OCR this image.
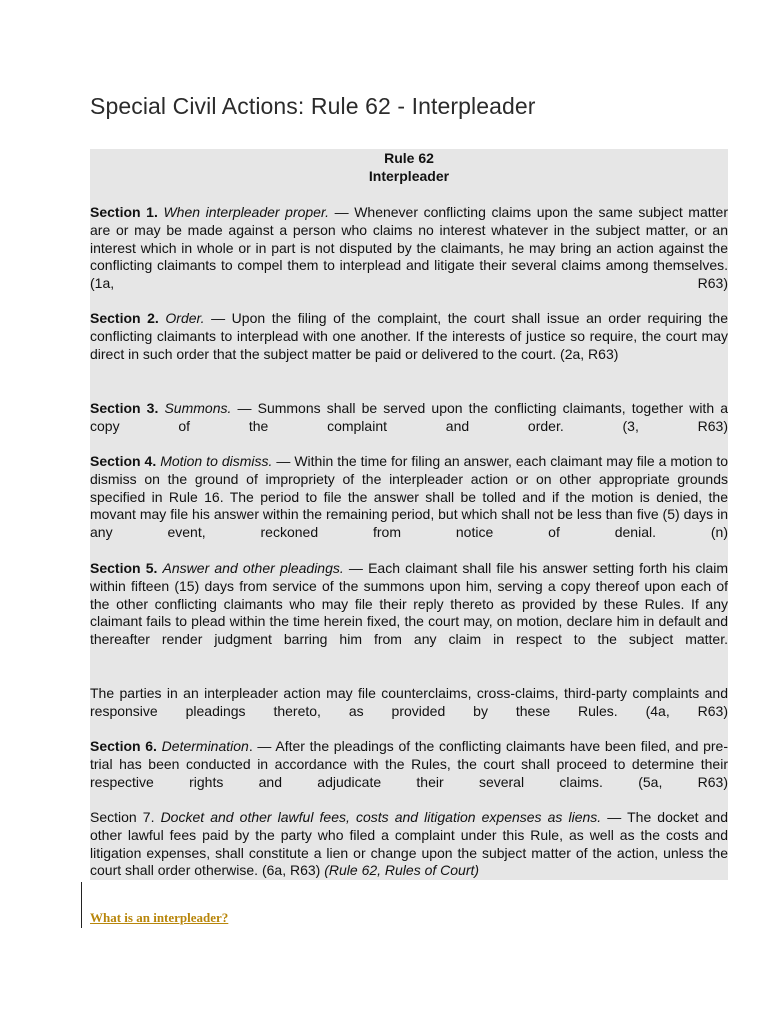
Special Civil Actions: Rule 62 - Interpleader

Rule 62

Interpleader

Section 1. When interpleader proper. — Whenever conflicting claims upon the same subject matter are or may be made against a person who claims no interest whatever in the subject matter, or an interest which in whole or in part is not disputed by the claimants, he may bring an action against the conflicting claimants to compel them to interplead and litigate their several claims among themselves. (1a, R63)

Section 2. Order. — Upon the filing of the complaint, the court shall issue an order requiring the conflicting claimants to interplead with one another. If the interests of justice so require, the court may direct in such order that the subject matter be paid or delivered to the court. (2a, R63)

Section 3. Summons. — Summons shall be served upon the conflicting claimants, together with a copy of the complaint and order. (3, R63)

Section 4. Motion to dismiss. — Within the time for filing an answer, each claimant may file a motion to dismiss on the ground of impropriety of the interpleader action or on other appropriate grounds specified in Rule 16. The period to file the answer shall be tolled and if the motion is denied, the movant may file his answer within the remaining period, but which shall not be less than five (5) days in any event, reckoned from notice of denial. (n)

Section 5. Answer and other pleadings. — Each claimant shall file his answer setting forth his claim within fifteen (15) days from service of the summons upon him, serving a copy thereof upon each of the other conflicting claimants who may file their reply thereto as provided by these Rules. If any claimant fails to plead within the time herein fixed, the court may, on motion, declare him in default and thereafter render judgment barring him from any claim in respect to the subject matter.

The parties in an interpleader action may file counterclaims, cross-claims, third-party complaints and responsive pleadings thereto, as provided by these Rules. (4a, R63)

Section 6. Determination. — After the pleadings of the conflicting claimants have been filed, and pre-trial has been conducted in accordance with the Rules, the court shall proceed to determine their respective rights and adjudicate their several claims. (5a, R63)

Section 7. Docket and other lawful fees, costs and litigation expenses as liens. — The docket and other lawful fees paid by the party who filed a complaint under this Rule, as well as the costs and litigation expenses, shall constitute a lien or change upon the subject matter of the action, unless the court shall order otherwise. (6a, R63) (Rule 62, Rules of Court)

What is an interpleader?
